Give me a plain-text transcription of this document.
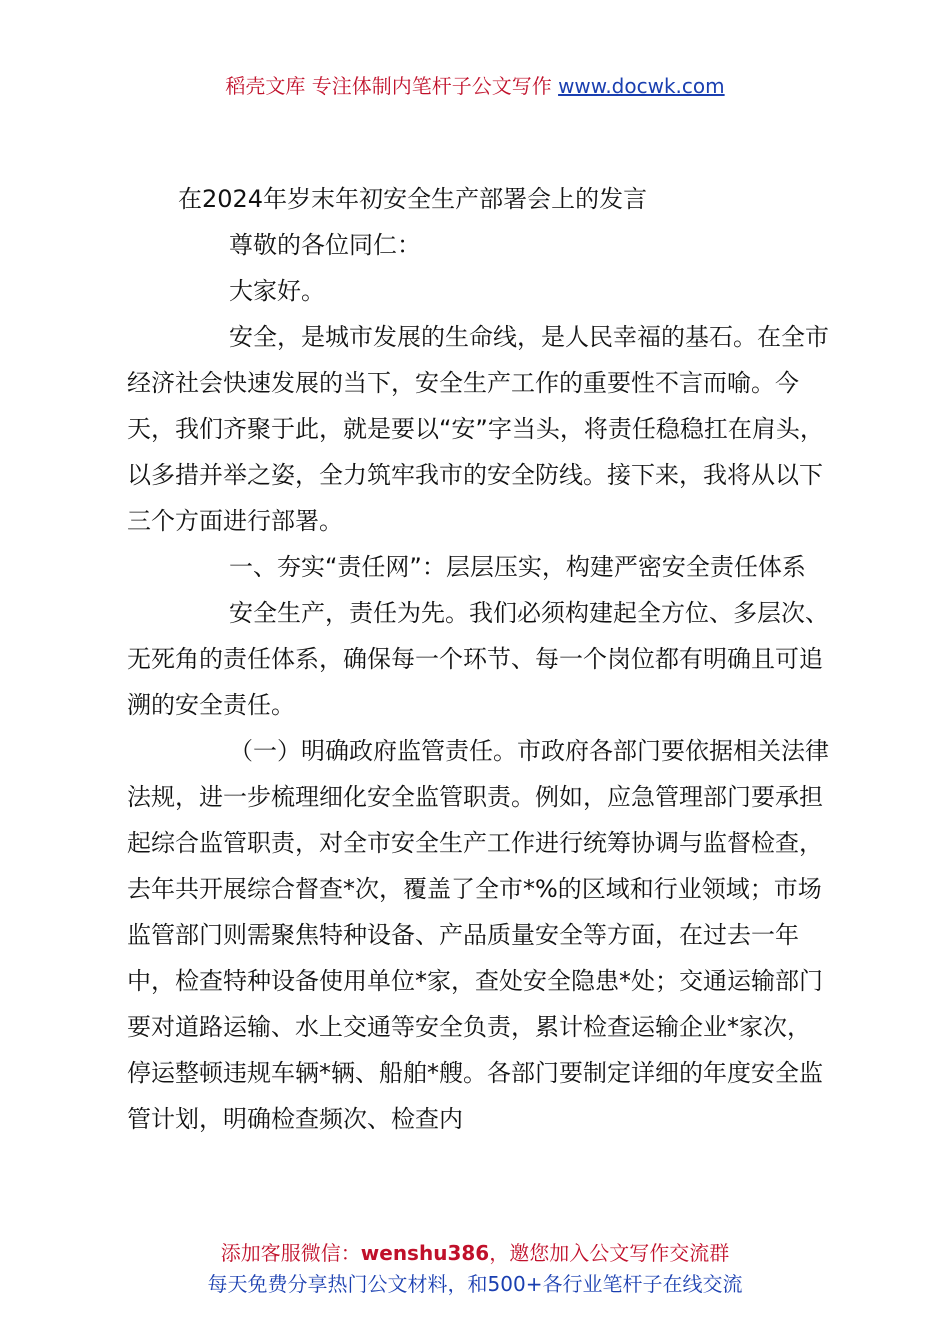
稻壳文库 专注体制内笔杆子公文写作 www.docwk.com

在2024年岁末年初安全生产部署会上的发言

尊敬的各位同仁：

大家好。

安全，是城市发展的生命线，是人民幸福的基石。在全市经济社会快速发展的当下，安全生产工作的重要性不言而喻。今天，我们齐聚于此，就是要以“安”字当头，将责任稳稳扛在肩头，以多措并举之姿，全力筑牢我市的安全防线。接下来，我将从以下三个方面进行部署。

一、夯实“责任网”：层层压实，构建严密安全责任体系

安全生产，责任为先。我们必须构建起全方位、多层次、无死角的责任体系，确保每一个环节、每一个岗位都有明确且可追溯的安全责任。

（一）明确政府监管责任。市政府各部门要依据相关法律法规，进一步梳理细化安全监管职责。例如，应急管理部门要承担起综合监管职责，对全市安全生产工作进行统筹协调与监督检查，去年共开展综合督查*次，覆盖了全市*%的区域和行业领域；市场监管部门则需聚焦特种设备、产品质量安全等方面，在过去一年中，检查特种设备使用单位*家，查处安全隐患*处；交通运输部门要对道路运输、水上交通等安全负责，累计检查运输企业*家次，停运整顿违规车辆*辆、船舶*艘。各部门要制定详细的年度安全监管计划，明确检查频次、检查内

添加客服微信：wenshu386，邀您加入公文写作交流群
每天免费分享热门公文材料，和500+各行业笔杆子在线交流
